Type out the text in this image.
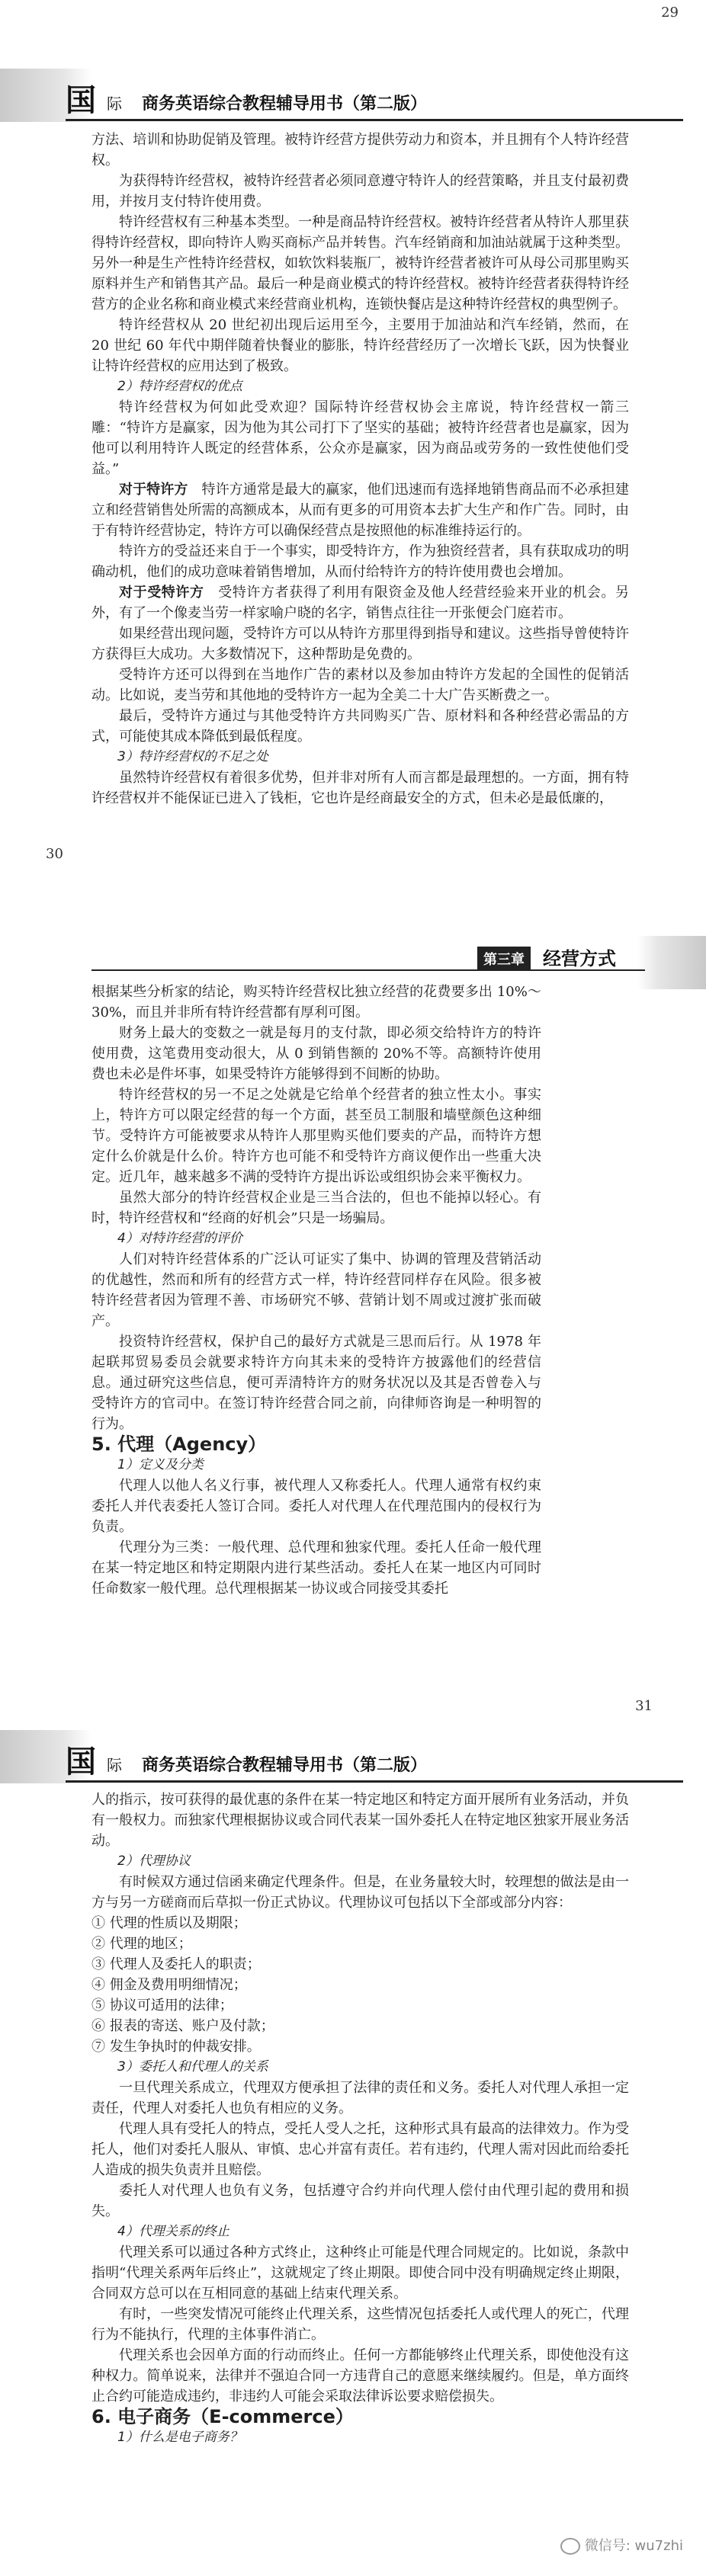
29
国 际 商务英语综合教程辅导用书（第二版）

方法、培训和协助促销及管理。被特许经营方提供劳动力和资本，并且拥有个人特许经营权。

为获得特许经营权，被特许经营者必须同意遵守特许人的经营策略，并且支付最初费用，并按月支付特许使用费。

特许经营权有三种基本类型。一种是商品特许经营权。被特许经营者从特许人那里获得特许经营权，即向特许人购买商标产品并转售。汽车经销商和加油站就属于这种类型。另外一种是生产性特许经营权，如软饮料装瓶厂，被特许经营者被许可从母公司那里购买原料并生产和销售其产品。最后一种是商业模式的特许经营权。被特许经营者获得特许经营方的企业名称和商业模式来经营商业机构，连锁快餐店是这种特许经营权的典型例子。

特许经营权从 20 世纪初出现后运用至今，主要用于加油站和汽车经销，然而，在 20 世纪 60 年代中期伴随着快餐业的膨胀，特许经营经历了一次增长飞跃，因为快餐业让特许经营权的应用达到了极致。

2）特许经营权的优点

特许经营权为何如此受欢迎？国际特许经营权协会主席说，特许经营权一箭三雕：“特许方是赢家，因为他为其公司打下了坚实的基础；被特许经营者也是赢家，因为他可以利用特许人既定的经营体系，公众亦是赢家，因为商品或劳务的一致性使他们受益。”

对于特许方　 特许方通常是最大的赢家，他们迅速而有选择地销售商品而不必承担建立和经营销售处所需的高额成本，从而有更多的可用资本去扩大生产和作广告。同时，由于有特许经营协定，特许方可以确保经营点是按照他的标准维持运行的。

特许方的受益还来自于一个事实，即受特许方，作为独资经营者，具有获取成功的明确动机，他们的成功意味着销售增加，从而付给特许方的特许使用费也会增加。

对于受特许方　 受特许方者获得了利用有限资金及他人经营经验来开业的机会。另外，有了一个像麦当劳一样家喻户晓的名字，销售点往往一开张便会门庭若市。

如果经营出现问题，受特许方可以从特许方那里得到指导和建议。这些指导曾使特许方获得巨大成功。大多数情况下，这种帮助是免费的。

受特许方还可以得到在当地作广告的素材以及参加由特许方发起的全国性的促销活动。比如说，麦当劳和其他地的受特许方一起为全美二十大广告买断费之一。

最后，受特许方通过与其他受特许方共同购买广告、原材料和各种经营必需品的方式，可能使其成本降低到最低程度。

3）特许经营权的不足之处

虽然特许经营权有着很多优势，但并非对所有人而言都是最理想的。一方面，拥有特许经营权并不能保证已进入了钱柜，它也许是经商最安全的方式，但未必是最低廉的，

30
第三章	经营方式

根据某些分析家的结论，购买特许经营权比独立经营的花费要多出 10%～30%，而且并非所有特许经营都有厚利可图。

财务上最大的变数之一就是每月的支付款，即必须交给特许方的特许使用费，这笔费用变动很大，从 0 到销售额的 20%不等。高额特许使用费也未必是件坏事，如果受特许方能够得到不间断的协助。

特许经营权的另一不足之处就是它给单个经营者的独立性太小。事实上，特许方可以限定经营的每一个方面，甚至员工制服和墙壁颜色这种细节。受特许方可能被要求从特许人那里购买他们要卖的产品，而特许方想定什么价就是什么价。特许方也可能不和受特许方商议便作出一些重大决定。近几年，越来越多不满的受特许方提出诉讼或组织协会来平衡权力。

虽然大部分的特许经营权企业是三当合法的，但也不能掉以轻心。有时，特许经营权和“经商的好机会”只是一场骗局。

4）对特许经营的评价

人们对特许经营体系的广泛认可证实了集中、协调的管理及营销活动的优越性，然而和所有的经营方式一样，特许经营同样存在风险。很多被特许经营者因为管理不善、市场研究不够、营销计划不周或过渡扩张而破产。

投资特许经营权，保护自己的最好方式就是三思而后行。从 1978 年起联邦贸易委员会就要求特许方向其未来的受特许方披露他们的经营信息。通过研究这些信息，便可弄清特许方的财务状况以及其是否曾卷入与受特许方的官司中。在签订特许经营合同之前，向律师咨询是一种明智的行为。

5. 代理（Agency）

1）定义及分类

代理人以他人名义行事，被代理人又称委托人。代理人通常有权约束委托人并代表委托人签订合同。委托人对代理人在代理范围内的侵权行为负责。

代理分为三类：一般代理、总代理和独家代理。委托人任命一般代理在某一特定地区和特定期限内进行某些活动。委托人在某一地区内可同时任命数家一般代理。总代理根据某一协议或合同接受其委托

31
国 际 商务英语综合教程辅导用书（第二版）

人的指示，按可获得的最优惠的条件在某一特定地区和特定方面开展所有业务活动，并负有一般权力。而独家代理根据协议或合同代表某一国外委托人在特定地区独家开展业务活动。

2）代理协议

有时候双方通过信函来确定代理条件。但是，在业务量较大时，较理想的做法是由一方与另一方磋商而后草拟一份正式协议。代理协议可包括以下全部或部分内容：

① 代理的性质以及期限；

② 代理的地区；

③ 代理人及委托人的职责；

④ 佣金及费用明细情况；

⑤ 协议可适用的法律；

⑥ 报表的寄送、账户及付款；

⑦ 发生争执时的仲裁安排。

3）委托人和代理人的关系

一旦代理关系成立，代理双方便承担了法律的责任和义务。委托人对代理人承担一定责任，代理人对委托人也负有相应的义务。

代理人具有受托人的特点，受托人受人之托，这种形式具有最高的法律效力。作为受托人，他们对委托人服从、审慎、忠心并富有责任。若有违约，代理人需对因此而给委托人造成的损失负责并且赔偿。

委托人对代理人也负有义务，包括遵守合约并向代理人偿付由代理引起的费用和损失。

4）代理关系的终止

代理关系可以通过各种方式终止，这种终止可能是代理合同规定的。比如说，条款中指明“代理关系两年后终止”，这就规定了终止期限。即使合同中没有明确规定终止期限，合同双方总可以在互相同意的基础上结束代理关系。

有时，一些突发情况可能终止代理关系，这些情况包括委托人或代理人的死亡，代理行为不能执行，代理的主体事件消亡。

代理关系也会因单方面的行动而终止。任何一方都能够终止代理关系，即使他没有这种权力。简单说来，法律并不强迫合同一方违背自己的意愿来继续履约。但是，单方面终止合约可能造成违约，非违约人可能会采取法律诉讼要求赔偿损失。

6. 电子商务（E-commerce）

1）什么是电子商务？

微信号: wu7zhi
